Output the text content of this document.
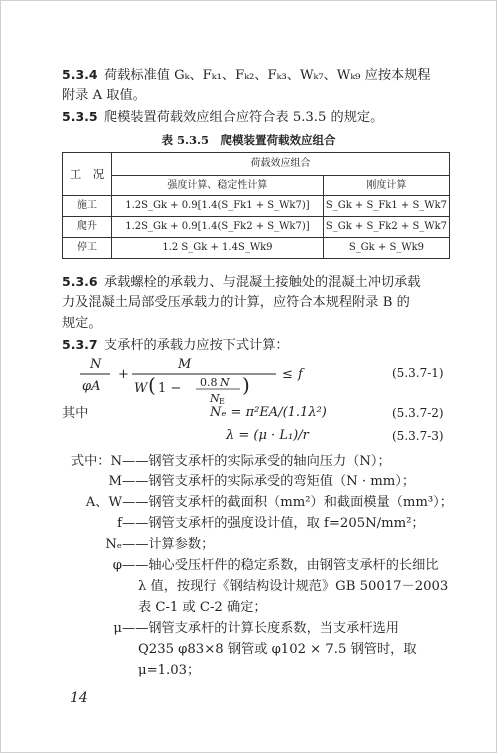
5.3.4 荷载标准值 Gₖ、Fₖ₁、Fₖ₂、Fₖ₃、Wₖ₇、Wₖ₉ 应按本规程
附录 A 取值。
5.3.5 爬模装置荷载效应组合应符合表 5.3.5 的规定。
表 5.3.5　爬模装置荷载效应组合
工　况	荷载效应组合	
	强度计算、稳定性计算	刚度计算
施工	1.2S_Gk + 0.9[1.4(S_Fk1 + S_Wk7)]	S_Gk + S_Fk1 + S_Wk7
爬升	1.2S_Gk + 0.9[1.4(S_Fk2 + S_Wk7)]	S_Gk + S_Fk2 + S_Wk7
停工	1.2 S_Gk + 1.4S_Wk9	S_Gk + S_Wk9
5.3.6 承载螺栓的承载力、与混凝土接触处的混凝土冲切承载
力及混凝土局部受压承载力的计算，应符合本规程附录 B 的
规定。
5.3.7 支承杆的承载力应按下式计算：
N
φA
+
M
W ( 1 − 0.8 N
N E
) ≤ f	(5.3.7-1)
其中	Nₑ = π²EA/(1.1λ²)	(5.3.7-2)
λ = (μ · L₁)/r	(5.3.7-3)
式中：N——钢管支承杆的实际承受的轴向压力（N）；
M——钢管支承杆的实际承受的弯矩值（N · mm）；
A、W——钢管支承杆的截面积（mm²）和截面模量（mm³）；
f——钢管支承杆的强度设计值，取 f=205N/mm²；
Nₑ——计算参数；
φ——轴心受压杆件的稳定系数，由钢管支承杆的长细比
λ 值，按现行《钢结构设计规范》GB 50017－2003
表 C-1 或 C-2 确定；
μ——钢管支承杆的计算长度系数，当支承杆选用
Q235 φ83×8 钢管或 φ102 × 7.5 钢管时，取
μ=1.03；
14
